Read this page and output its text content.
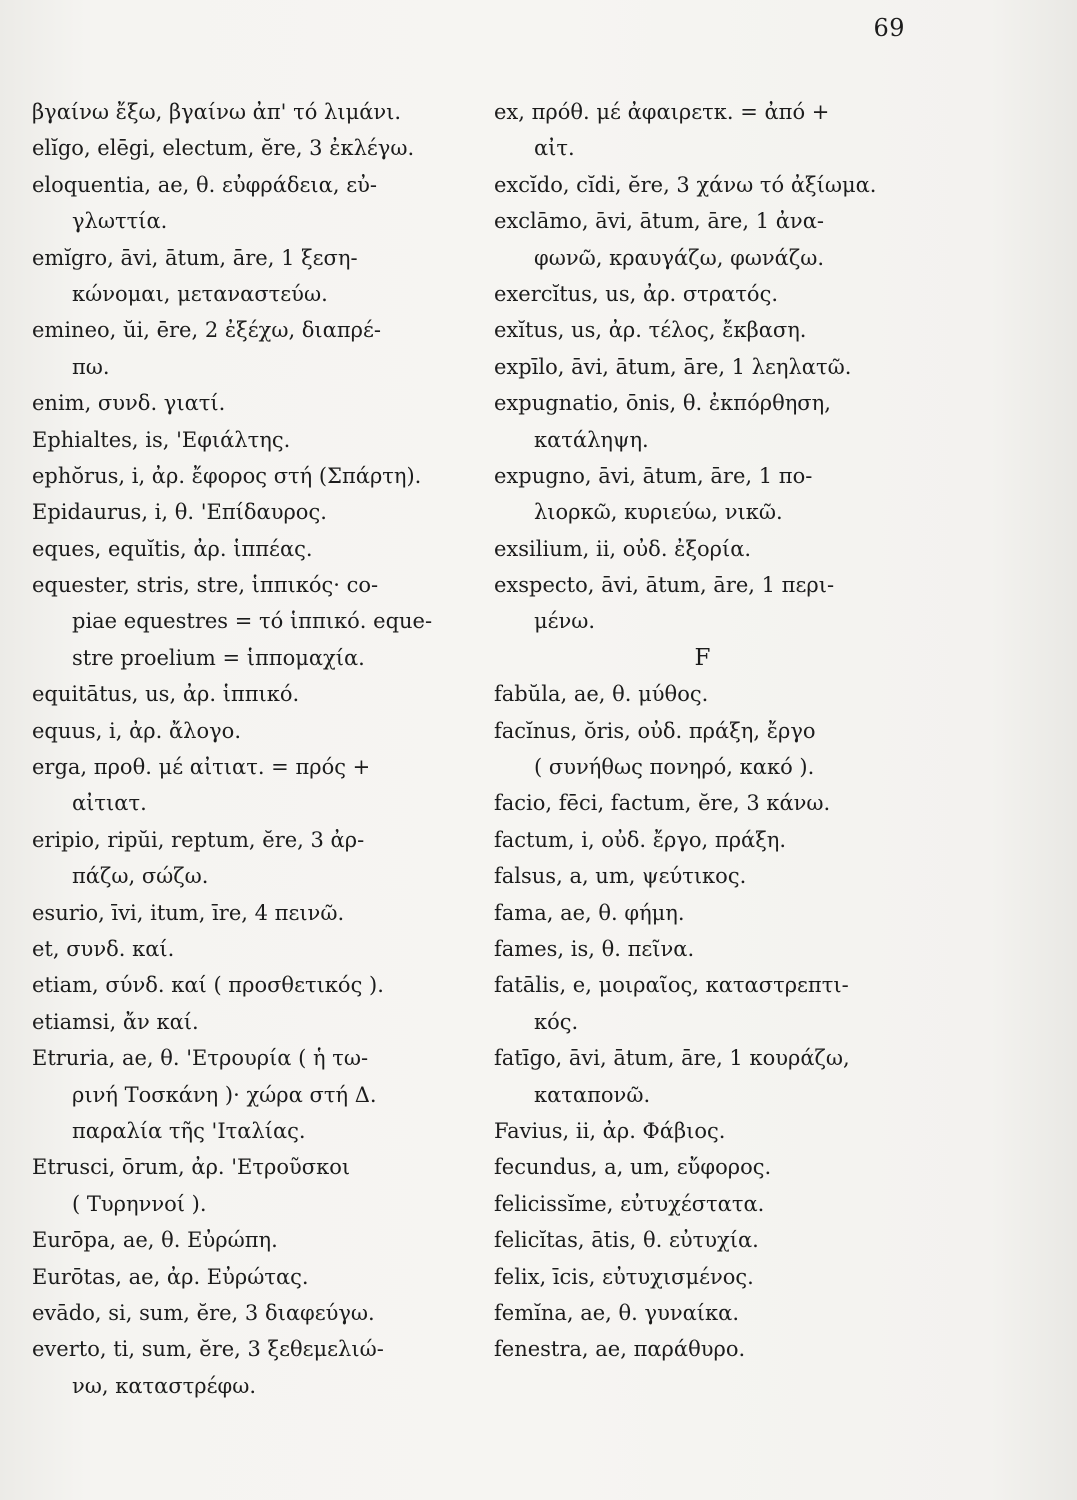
69
βγαίνω ἔξω, βγαίνω ἀπ' τό λιμάνι.
elĭgo, elēgi, electum, ĕre, 3 ἐκλέγω.
eloquentia, ae, θ. εὐφράδεια, εὐ-
γλωττία.
emĭgro, āvi, ātum, āre, 1 ξεση-
κώνομαι, μεταναστεύω.
emineo, ŭi, ēre, 2 ἐξέχω, διαπρέ-
πω.
enim, συνδ. γιατί.
Ephialtes, is, 'Εφιάλτης.
ephŏrus, i, ἀρ. ἔφορος στή (Σπάρτη).
Epidaurus, i, θ. 'Επίδαυρος.
eques, equĭtis, ἀρ. ἱππέας.
equester, stris, stre, ἱππικός· co-
piae equestres = τό ἱππικό. eque-
stre proelium = ἱππομαχία.
equitātus, us, ἀρ. ἱππικό.
equus, i, ἀρ. ἄλογο.
erga, προθ. μέ αἰτιατ. = πρός +
αἰτιατ.
eripio, ripŭi, reptum, ĕre, 3 ἀρ-
πάζω, σώζω.
esurio, īvi, itum, īre, 4 πεινῶ.
et, συνδ. καί.
etiam, σύνδ. καί ( προσθετικός ).
etiamsi, ἄν καί.
Etruria, ae, θ. 'Ετρουρία ( ἡ τω-
ρινή Τοσκάνη )· χώρα στή Δ.
παραλία τῆς 'Ιταλίας.
Etrusci, ōrum, ἀρ. 'Ετροῦσκοι
( Τυρηννοί ).
Eurōpa, ae, θ. Εὐρώπη.
Eurōtas, ae, ἀρ. Εὐρώτας.
evādo, si, sum, ĕre, 3 διαφεύγω.
everto, ti, sum, ĕre, 3 ξεθεμελιώ-
νω, καταστρέφω.
ex, πρόθ. μέ ἀφαιρετκ. = ἀπό +
αἰτ.
excĭdo, cĭdi, ĕre, 3 χάνω τό ἀξίωμα.
exclāmo, āvi, ātum, āre, 1 ἀνα-
φωνῶ, κραυγάζω, φωνάζω.
exercĭtus, us, ἀρ. στρατός.
exĭtus, us, ἀρ. τέλος, ἔκβαση.
expīlo, āvi, ātum, āre, 1 λεηλατῶ.
expugnatio, ōnis, θ. ἐκπόρθηση,
κατάληψη.
expugno, āvi, ātum, āre, 1 πο-
λιορκῶ, κυριεύω, νικῶ.
exsilium, ii, οὐδ. ἐξορία.
exspecto, āvi, ātum, āre, 1 περι-
μένω.
F
fabŭla, ae, θ. μύθος.
facĭnus, ŏris, οὐδ. πράξη, ἔργο
( συνήθως πονηρό, κακό ).
facio, fēci, factum, ĕre, 3 κάνω.
factum, i, οὐδ. ἔργο, πράξη.
falsus, a, um, ψεύτικος.
fama, ae, θ. φήμη.
fames, is, θ. πεῖνα.
fatālis, e, μοιραῖος, καταστρεπτι-
κός.
fatīgo, āvi, ātum, āre, 1 κουράζω,
καταπονῶ.
Favius, ii, ἀρ. Φάβιος.
fecundus, a, um, εὔφορος.
felicissĭme, εὐτυχέστατα.
felicĭtas, ātis, θ. εὐτυχία.
felix, īcis, εὐτυχισμένος.
femĭna, ae, θ. γυναίκα.
fenestra, ae, παράθυρο.
